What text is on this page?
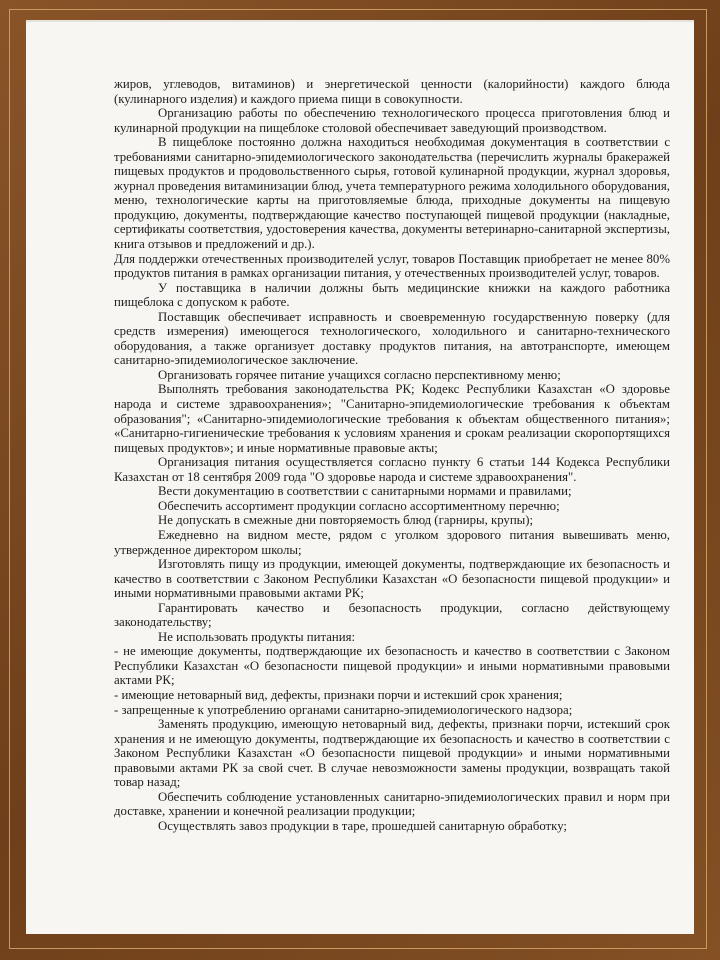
жиров, углеводов, витаминов) и энергетической ценности (калорийности) каждого блюда (кулинарного изделия) и каждого приема пищи в совокупности.

Организацию работы по обеспечению технологического процесса приготовления блюд и кулинарной продукции на пищеблоке столовой обеспечивает заведующий производством.

В пищеблоке постоянно должна находиться необходимая документация в соответствии с требованиями санитарно-эпидемиологического законодательства (перечислить журналы бракеражей пищевых продуктов и продовольственного сырья, готовой кулинарной продукции, журнал здоровья, журнал проведения витаминизации блюд, учета температурного режима холодильного оборудования, меню, технологические карты на приготовляемые блюда, приходные документы на пищевую продукцию, документы, подтверждающие качество поступающей пищевой продукции (накладные, сертификаты соответствия, удостоверения качества, документы ветеринарно-санитарной экспертизы, книга отзывов и предложений и др.).

Для поддержки отечественных производителей услуг, товаров Поставщик приобретает не менее 80% продуктов питания в рамках организации питания, у отечественных производителей услуг, товаров.

У поставщика в наличии должны быть медицинские книжки на каждого работника пищеблока с допуском к работе.

Поставщик обеспечивает исправность и своевременную государственную поверку (для средств измерения) имеющегося технологического, холодильного и санитарно-технического оборудования, а также организует доставку продуктов питания, на автотранспорте, имеющем санитарно-эпидемиологическое заключение.

Организовать горячее питание учащихся согласно перспективному меню;

Выполнять требования законодательства РК; Кодекс Республики Казахстан «О здоровье народа и системе здравоохранения»; "Санитарно-эпидемиологические требования к объектам образования"; «Санитарно-эпидемиологические требования к объектам общественного питания»; «Санитарно-гигиенические требования к условиям хранения и срокам реализации скоропортящихся пищевых продуктов»; и иные нормативные правовые акты;

Организация питания осуществляется согласно пункту 6 статьи 144 Кодекса Республики Казахстан от 18 сентября 2009 года "О здоровье народа и системе здравоохранения".

Вести документацию в соответствии с санитарными нормами и правилами;

Обеспечить ассортимент продукции согласно ассортиментному перечню;

Не допускать в смежные дни повторяемость блюд (гарниры, крупы);

Ежедневно на видном месте, рядом с уголком здорового питания вывешивать меню, утвержденное директором школы;

Изготовлять пищу из продукции, имеющей документы, подтверждающие их безопасность и качество в соответствии с Законом Республики Казахстан «О безопасности пищевой продукции» и иными нормативными правовыми актами РК;

Гарантировать качество и безопасность продукции, согласно действующему законодательству;

Не использовать продукты питания:

- не имеющие документы, подтверждающие их безопасность и качество в соответствии с Законом Республики Казахстан «О безопасности пищевой продукции» и иными нормативными правовыми актами РК;

- имеющие нетоварный вид, дефекты, признаки порчи и истекший срок хранения;

- запрещенные к употреблению органами санитарно-эпидемиологического надзора;

Заменять продукцию, имеющую нетоварный вид, дефекты, признаки порчи, истекший срок хранения и не имеющую документы, подтверждающие их безопасность и качество в соответствии с Законом Республики Казахстан «О безопасности пищевой продукции» и иными нормативными правовыми актами РК за свой счет. В случае невозможности замены продукции, возвращать такой товар назад;

Обеспечить соблюдение установленных санитарно-эпидемиологических правил и норм при доставке, хранении и конечной реализации продукции;

Осуществлять завоз продукции в таре, прошедшей санитарную обработку;
